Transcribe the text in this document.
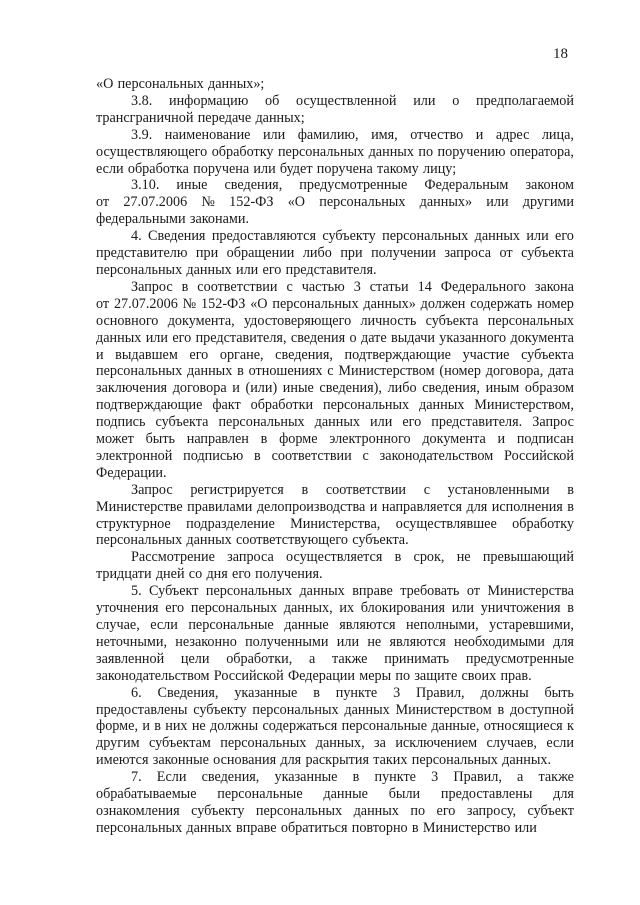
18
«О персональных данных»;
3.8. информацию об осуществленной или о предполагаемой
трансграничной передаче данных;
3.9. наименование или фамилию, имя, отчество и адрес лица,
осуществляющего обработку персональных данных по поручению оператора,
если обработка поручена или будет поручена такому лицу;
3.10. иные сведения, предусмотренные Федеральным законом
от 27.07.2006 № 152-ФЗ «О персональных данных» или другими
федеральными законами.
4. Сведения предоставляются субъекту персональных данных или его
представителю при обращении либо при получении запроса от субъекта
персональных данных или его представителя.
Запрос в соответствии с частью 3 статьи 14 Федерального закона
от 27.07.2006 № 152-ФЗ «О персональных данных» должен содержать номер
основного документа, удостоверяющего личность субъекта персональных
данных или его представителя, сведения о дате выдачи указанного документа
и выдавшем его органе, сведения, подтверждающие участие субъекта
персональных данных в отношениях с Министерством (номер договора, дата
заключения договора и (или) иные сведения), либо сведения, иным образом
подтверждающие факт обработки персональных данных Министерством,
подпись субъекта персональных данных или его представителя. Запрос
может быть направлен в форме электронного документа и подписан
электронной подписью в соответствии с законодательством Российской
Федерации.
Запрос регистрируется в соответствии с установленными в
Министерстве правилами делопроизводства и направляется для исполнения в
структурное подразделение Министерства, осуществлявшее обработку
персональных данных соответствующего субъекта.
Рассмотрение запроса осуществляется в срок, не превышающий
тридцати дней со дня его получения.
5. Субъект персональных данных вправе требовать от Министерства
уточнения его персональных данных, их блокирования или уничтожения в
случае, если персональные данные являются неполными, устаревшими,
неточными, незаконно полученными или не являются необходимыми для
заявленной цели обработки, а также принимать предусмотренные
законодательством Российской Федерации меры по защите своих прав.
6. Сведения, указанные в пункте 3 Правил, должны быть
предоставлены субъекту персональных данных Министерством в доступной
форме, и в них не должны содержаться персональные данные, относящиеся к
другим субъектам персональных данных, за исключением случаев, если
имеются законные основания для раскрытия таких персональных данных.
7. Если сведения, указанные в пункте 3 Правил, а также
обрабатываемые персональные данные были предоставлены для
ознакомления субъекту персональных данных по его запросу, субъект
персональных данных вправе обратиться повторно в Министерство или
